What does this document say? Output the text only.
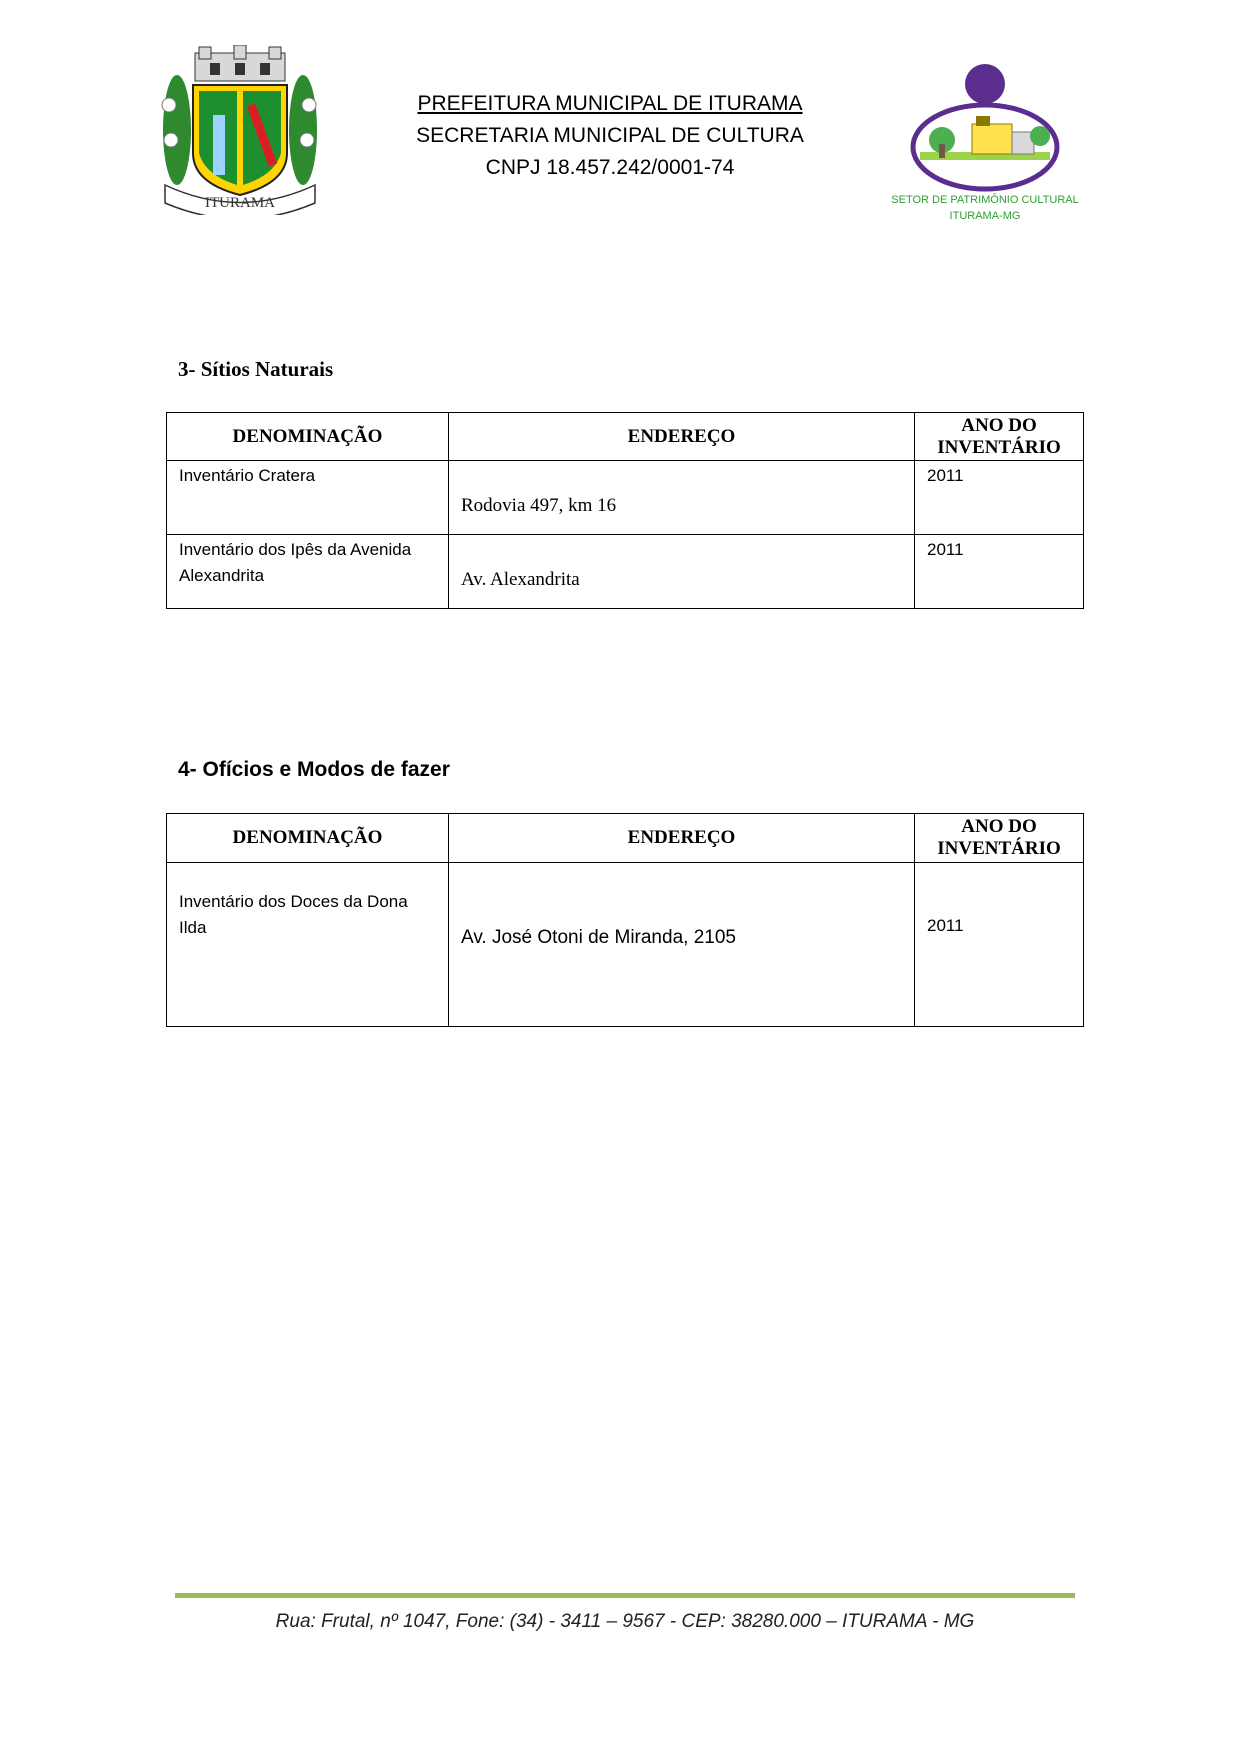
ITURAMA
PREFEITURA MUNICIPAL DE ITURAMA
SECRETARIA MUNICIPAL DE CULTURA
CNPJ 18.457.242/0001-74
SETOR DE PATRIMÔNIO CULTURAL
ITURAMA-MG
3- Sítios Naturais
DENOMINAÇÃO	ENDEREÇO	ANO DO INVENTÁRIO
Inventário Cratera	Rodovia 497, km 16	2011
Inventário dos Ipês da Avenida Alexandrita	Av. Alexandrita	2011
4- Ofícios e Modos de fazer
DENOMINAÇÃO	ENDEREÇO	ANO DO INVENTÁRIO
Inventário dos Doces da Dona Ilda	Av. José Otoni de Miranda, 2105	2011
Rua: Frutal, nº 1047, Fone: (34) - 3411 – 9567 - CEP: 38280.000 – ITURAMA - MG
